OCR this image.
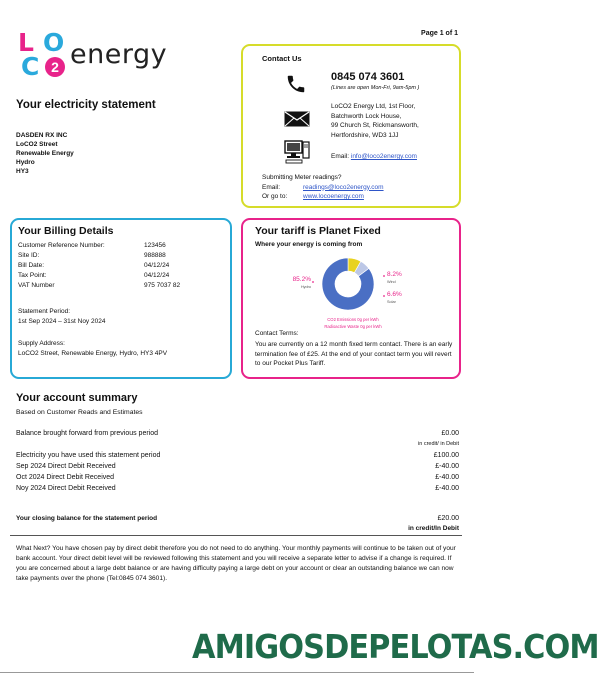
L O
C 2 energy
Page 1 of 1
Your electricity statement
DASDEN RX INC
LoCO2 Street
Renewable Energy
Hydro
HY3
Contact Us
0845 074 3601
(Lines are open Mon-Fri, 9am-5pm )
LoCO2 Energy Ltd, 1st Floor,
Batchworth Lock House,
99 Church St, Rickmansworth,
Hertfordshire, WD3 1JJ
Email: info@loco2energy.com
Submitting Meter readings?
Email:	readings@loco2energy.com
Or go to: www.locoenergy.com
Your Billing Details
Customer Reference Number:	123456
Site ID:	988888
Bill Date:	04/12/24
Tax Point:	04/12/24
VAT Number	975 7037 82
Statement Period:
1st Sep 2024 – 31st Noy 2024
Supply Address:
LoCO2 Street, Renewable Energy, Hydro, HY3 4PV
Your tariff is Planet Fixed
Where your energy is coming from
85.2%
Hydro
8.2%
Wind
6.6%
Solar
CO2 Emissions 0g per kWh
Radioactive Waste 0g per kWh
Contact Terms:
You are currently on a 12 month fixed term contact. There is an early termination fee of £25. At the end of your contact term you will revert to our Pocket Plus Tariff.
Your account summary
Based on Customer Reads and Estimates
Balance brought forward from previous period	£0.00
in credit/ in Debit
Electricity you have used this statement period	£100.00
Sep 2024 Direct Debit Received	£-40.00
Oct 2024 Direct Debit Received	£-40.00
Noy 2024 Direct Debit Received	£-40.00
Your closing balance for the statement period	£20.00
in credit/In Debit
What Next? You have chosen pay by direct debit therefore you do not need to do anything. Your monthly payments will continue to be taken out of your bank account. Your direct debit level will be reviewed following this statement and you will receive a separate letter to advise if a change is required. If you are concerned about a large debt balance or are having difficulty paying a large debt on your account or clear an outstanding balance we can now take payments over the phone (Tel:0845 074 3601).
AMIGOSDEPELOTAS.COM
